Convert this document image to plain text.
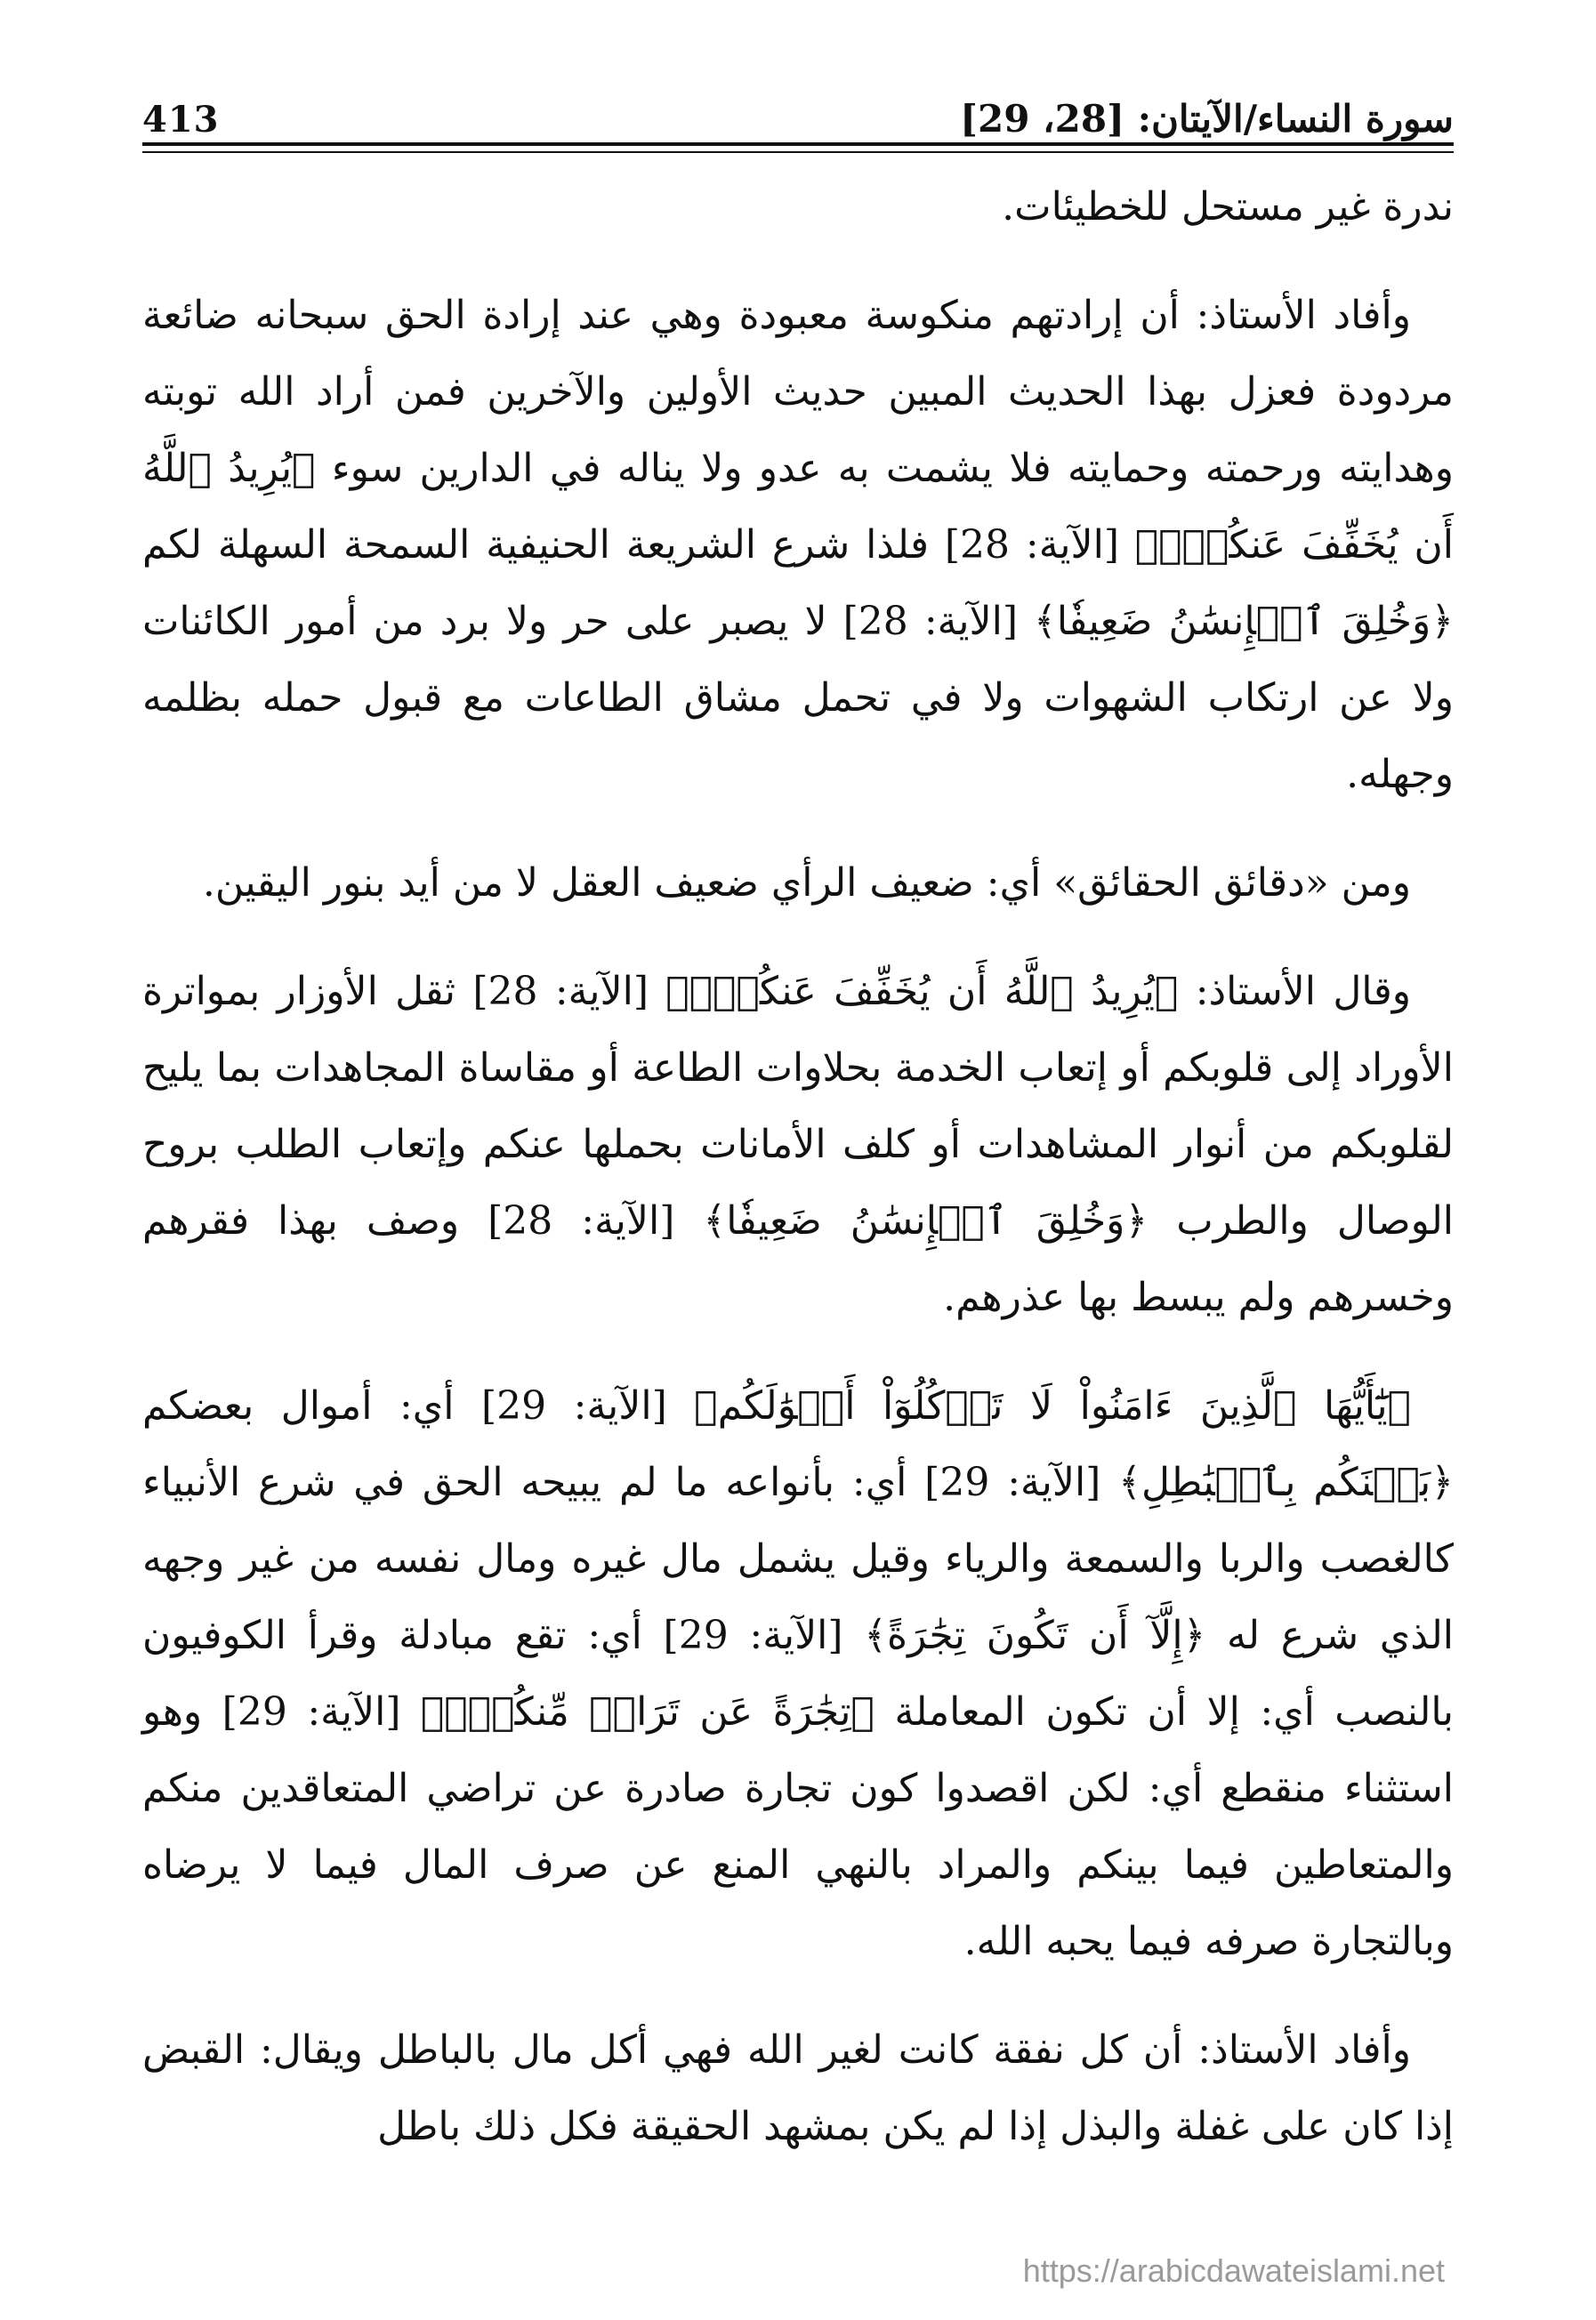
413	سورة النساء/الآيتان: [28، 29]

ندرة غير مستحل للخطيئات.

وأفاد الأستاذ: أن إرادتهم منكوسة معبودة وهي عند إرادة الحق سبحانه ضائعة مردودة فعزل بهذا الحديث المبين حديث الأولين والآخرين فمن أراد الله توبته وهدايته ورحمته وحمايته فلا يشمت به عدو ولا يناله في الدارين سوء ﴿يُرِيدُ ٱللَّهُ أَن يُخَفِّفَ عَنكُمۡۚ﴾ [الآية: 28] فلذا شرع الشريعة الحنيفية السمحة السهلة لكم ﴿وَخُلِقَ ٱلۡإِنسَٰنُ ضَعِيفٗا﴾ [الآية: 28] لا يصبر على حر ولا برد من أمور الكائنات ولا عن ارتكاب الشهوات ولا في تحمل مشاق الطاعات مع قبول حمله بظلمه وجهله.

ومن «دقائق الحقائق» أي: ضعيف الرأي ضعيف العقل لا من أيد بنور اليقين.

وقال الأستاذ: ﴿يُرِيدُ ٱللَّهُ أَن يُخَفِّفَ عَنكُمۡۚ﴾ [الآية: 28] ثقل الأوزار بمواترة الأوراد إلى قلوبكم أو إتعاب الخدمة بحلاوات الطاعة أو مقاساة المجاهدات بما يليح لقلوبكم من أنوار المشاهدات أو كلف الأمانات بحملها عنكم وإتعاب الطلب بروح الوصال والطرب ﴿وَخُلِقَ ٱلۡإِنسَٰنُ ضَعِيفٗا﴾ [الآية: 28] وصف بهذا فقرهم وخسرهم ولم يبسط بها عذرهم.

﴿يَٰٓأَيُّهَا ٱلَّذِينَ ءَامَنُواْ لَا تَأۡكُلُوٓاْ أَمۡوَٰلَكُم﴾ [الآية: 29] أي: أموال بعضكم ﴿بَيۡنَكُم بِٱلۡبَٰطِلِ﴾ [الآية: 29] أي: بأنواعه ما لم يبيحه الحق في شرع الأنبياء كالغصب والربا والسمعة والرياء وقيل يشمل مال غيره ومال نفسه من غير وجهه الذي شرع له ﴿إِلَّآ أَن تَكُونَ تِجَٰرَةً﴾ [الآية: 29] أي: تقع مبادلة وقرأ الكوفيون بالنصب أي: إلا أن تكون المعاملة ﴿تِجَٰرَةً عَن تَرَاضٖ مِّنكُمۡۚ﴾ [الآية: 29] وهو استثناء منقطع أي: لكن اقصدوا كون تجارة صادرة عن تراضي المتعاقدين منكم والمتعاطين فيما بينكم والمراد بالنهي المنع عن صرف المال فيما لا يرضاه وبالتجارة صرفه فيما يحبه الله.

وأفاد الأستاذ: أن كل نفقة كانت لغير الله فهي أكل مال بالباطل ويقال: القبض إذا كان على غفلة والبذل إذا لم يكن بمشهد الحقيقة فكل ذلك باطل

https://arabicdawateislami.net
